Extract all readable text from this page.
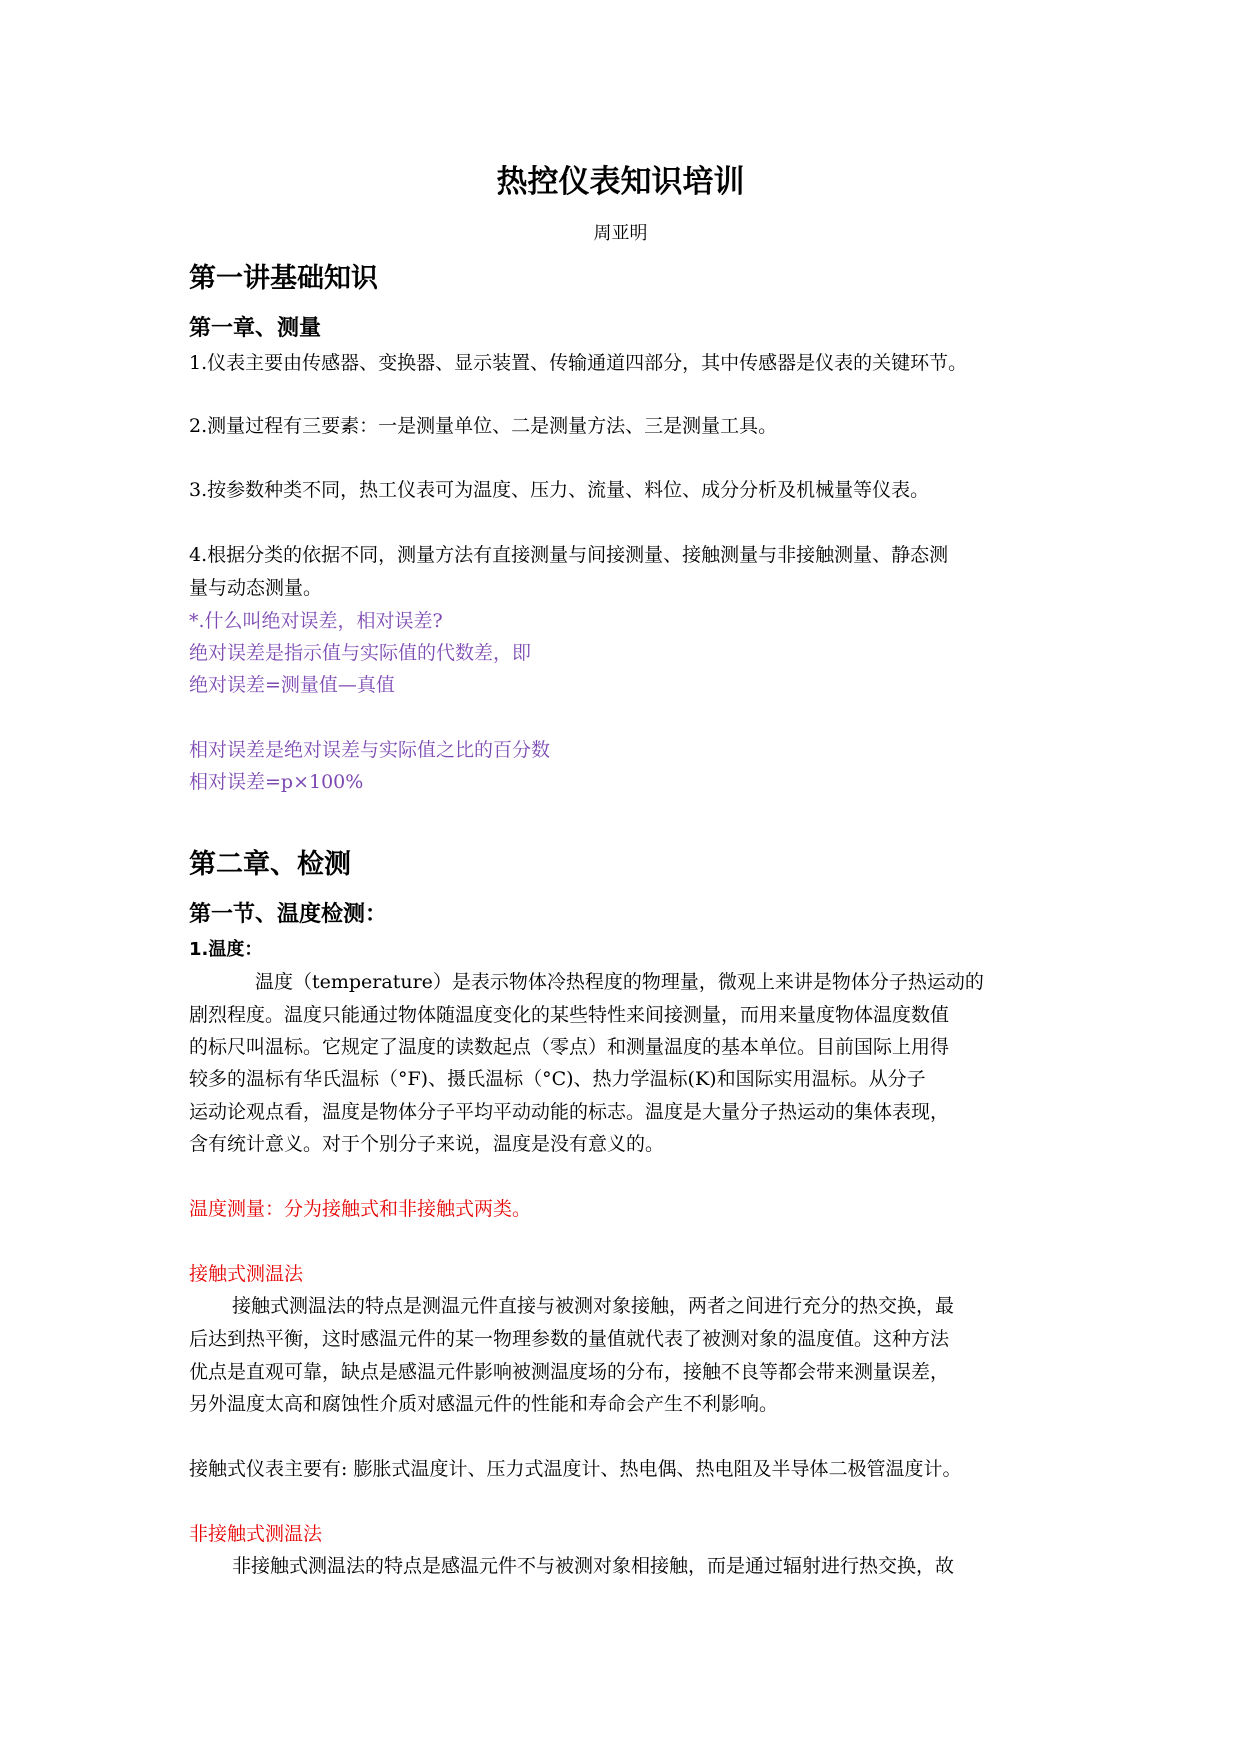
热控仪表知识培训
周亚明
第一讲基础知识
第一章、测量
1.仪表主要由传感器、变换器、显示装置、传输通道四部分，其中传感器是仪表的关键环节。
2.测量过程有三要素：一是测量单位、二是测量方法、三是测量工具。
3.按参数种类不同，热工仪表可为温度、压力、流量、料位、成分分析及机械量等仪表。
4.根据分类的依据不同，测量方法有直接测量与间接测量、接触测量与非接触测量、静态测
量与动态测量。
*.什么叫绝对误差，相对误差?
绝对误差是指示值与实际值的代数差，即
绝对误差=测量值—真值
相对误差是绝对误差与实际值之比的百分数
相对误差=p×100%
第二章、检测
第一节、温度检测：
1.温度：
温度（temperature）是表示物体冷热程度的物理量，微观上来讲是物体分子热运动的
剧烈程度。温度只能通过物体随温度变化的某些特性来间接测量，而用来量度物体温度数值
的标尺叫温标。它规定了温度的读数起点（零点）和测量温度的基本单位。目前国际上用得
较多的温标有华氏温标（°F)、摄氏温标（°C)、热力学温标(K)和国际实用温标。从分子
运动论观点看，温度是物体分子平均平动动能的标志。温度是大量分子热运动的集体表现，
含有统计意义。对于个别分子来说，温度是没有意义的。
温度测量：分为接触式和非接触式两类。
接触式测温法
接触式测温法的特点是测温元件直接与被测对象接触，两者之间进行充分的热交换，最
后达到热平衡，这时感温元件的某一物理参数的量值就代表了被测对象的温度值。这种方法
优点是直观可靠，缺点是感温元件影响被测温度场的分布，接触不良等都会带来测量误差，
另外温度太高和腐蚀性介质对感温元件的性能和寿命会产生不利影响。
接触式仪表主要有: 膨胀式温度计、压力式温度计、热电偶、热电阻及半导体二极管温度计。
非接触式测温法
非接触式测温法的特点是感温元件不与被测对象相接触，而是通过辐射进行热交换，故
